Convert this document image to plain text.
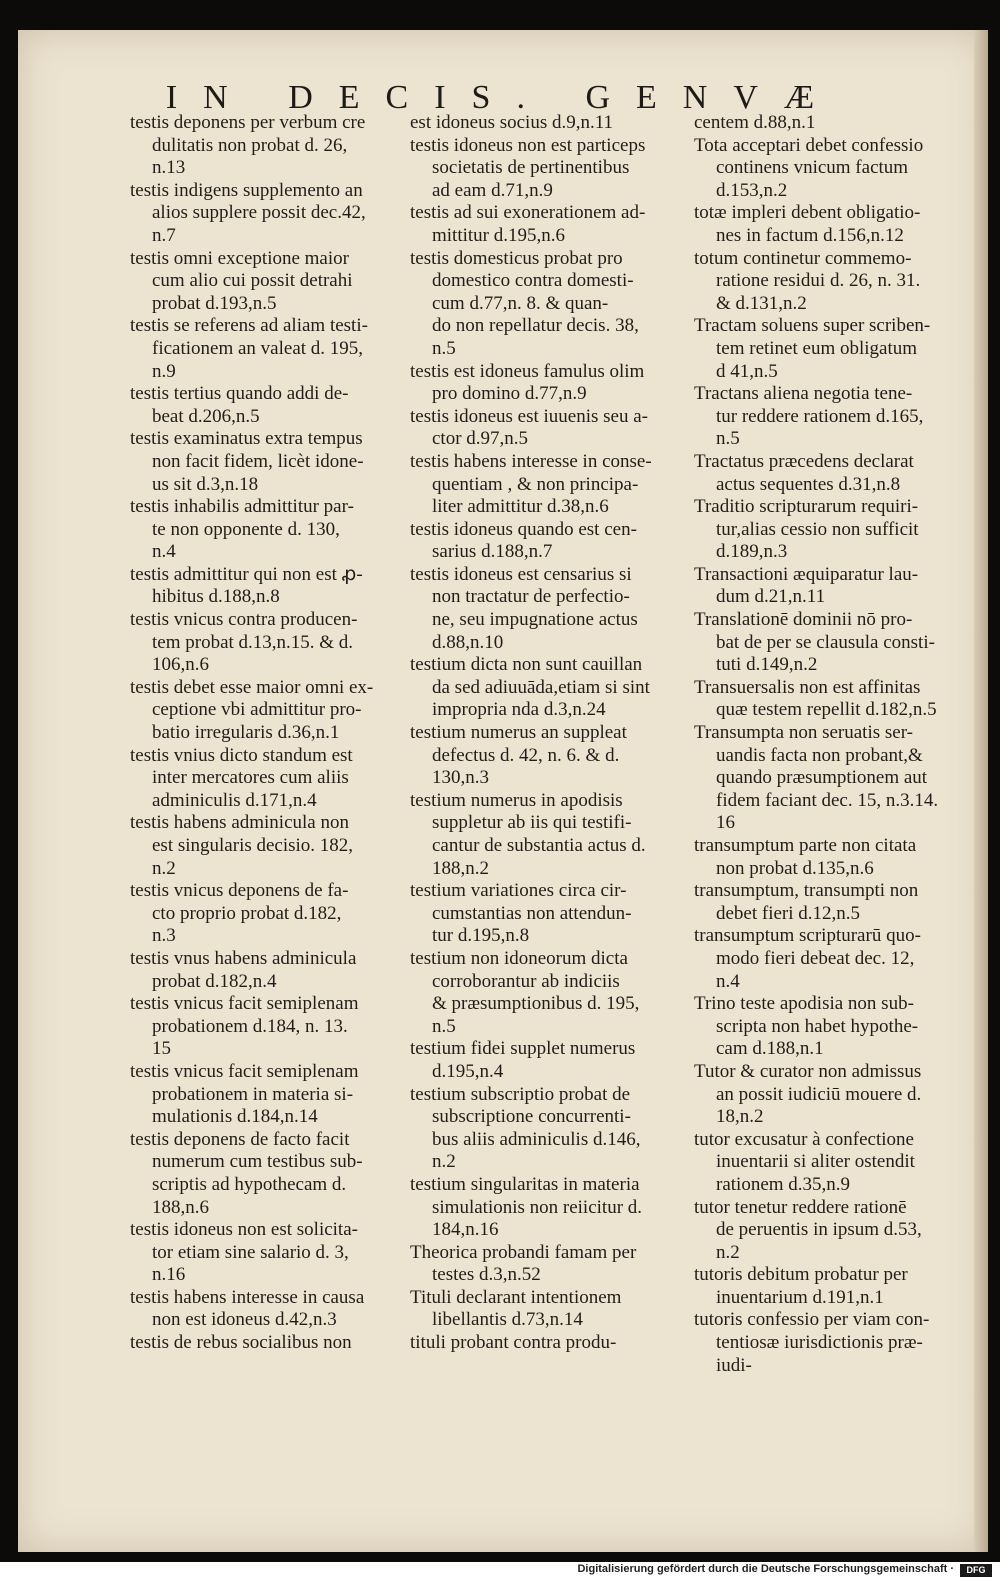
IN DECIS. GENVÆ
testis deponens per verbum cre
dulitatis non probat d. 26,
n.13
testis indigens supplemento an
alios supplere possit dec.42,
n.7
testis omni exceptione maior
cum alio cui possit detrahi
probat d.193,n.5
testis se referens ad aliam testi-
ficationem an valeat d. 195,
n.9
testis tertius quando addi de-
beat d.206,n.5
testis examinatus extra tempus
non facit fidem, licèt idone-
us sit d.3,n.18
testis inhabilis admittitur par-
te non opponente d. 130,
n.4
testis admittitur qui non est ꝓ-
hibitus d.188,n.8
testis vnicus contra producen-
tem probat d.13,n.15. & d.
106,n.6
testis debet esse maior omni ex-
ceptione vbi admittitur pro-
batio irregularis d.36,n.1
testis vnius dicto standum est
inter mercatores cum aliis
adminiculis d.171,n.4
testis habens adminicula non
est singularis decisio. 182,
n.2
testis vnicus deponens de fa-
cto proprio probat d.182,
n.3
testis vnus habens adminicula
probat d.182,n.4
testis vnicus facit semiplenam
probationem d.184, n. 13.
15
testis vnicus facit semiplenam
probationem in materia si-
mulationis d.184,n.14
testis deponens de facto facit
numerum cum testibus sub-
scriptis ad hypothecam d.
188,n.6
testis idoneus non est solicita-
tor etiam sine salario d. 3,
n.16
testis habens interesse in causa
non est idoneus d.42,n.3
testis de rebus socialibus non
est idoneus socius d.9,n.11
testis idoneus non est particeps
societatis de pertinentibus
ad eam d.71,n.9
testis ad sui exonerationem ad-
mittitur d.195,n.6
testis domesticus probat pro
domestico contra domesti-
cum d.77,n. 8. & quan-
do non repellatur decis. 38,
n.5
testis est idoneus famulus olim
pro domino d.77,n.9
testis idoneus est iuuenis seu a-
ctor d.97,n.5
testis habens interesse in conse-
quentiam , & non principa-
liter admittitur d.38,n.6
testis idoneus quando est cen-
sarius d.188,n.7
testis idoneus est censarius si
non tractatur de perfectio-
ne, seu impugnatione actus
d.88,n.10
testium dicta non sunt cauillan
da sed adiuuāda,etiam si sint
impropria nda d.3,n.24
testium numerus an suppleat
defectus d. 42, n. 6. & d.
130,n.3
testium numerus in apodisis
suppletur ab iis qui testifi-
cantur de substantia actus d.
188,n.2
testium variationes circa cir-
cumstantias non attendun-
tur d.195,n.8
testium non idoneorum dicta
corroborantur ab indiciis
& præsumptionibus d. 195,
n.5
testium fidei supplet numerus
d.195,n.4
testium subscriptio probat de
subscriptione concurrenti-
bus aliis adminiculis d.146,
n.2
testium singularitas in materia
simulationis non reiicitur d.
184,n.16
Theorica probandi famam per
testes d.3,n.52
Tituli declarant intentionem
libellantis d.73,n.14
tituli probant contra produ-
centem d.88,n.1
Tota acceptari debet confessio
continens vnicum factum
d.153,n.2
totæ impleri debent obligatio-
nes in factum d.156,n.12
totum continetur commemo-
ratione residui d. 26, n. 31.
& d.131,n.2
Tractam soluens super scriben-
tem retinet eum obligatum
d 41,n.5
Tractans aliena negotia tene-
tur reddere rationem d.165,
n.5
Tractatus præcedens declarat
actus sequentes d.31,n.8
Traditio scripturarum requiri-
tur,alias cessio non sufficit
d.189,n.3
Transactioni æquiparatur lau-
dum d.21,n.11
Translationē dominii nō pro-
bat de per se clausula consti-
tuti d.149,n.2
Transuersalis non est affinitas
quæ testem repellit d.182,n.5
Transumpta non seruatis ser-
uandis facta non probant,&
quando præsumptionem aut
fidem faciant dec. 15, n.3.14.
16
transumptum parte non citata
non probat d.135,n.6
transumptum, transumpti non
debet fieri d.12,n.5
transumptum scripturarū quo-
modo fieri debeat dec. 12,
n.4
Trino teste apodisia non sub-
scripta non habet hypothe-
cam d.188,n.1
Tutor & curator non admissus
an possit iudiciū mouere d.
18,n.2
tutor excusatur à confectione
inuentarii si aliter ostendit
rationem d.35,n.9
tutor tenetur reddere rationē
de peruentis in ipsum d.53,
n.2
tutoris debitum probatur per
inuentarium d.191,n.1
tutoris confessio per viam con-
tentiosæ iurisdictionis præ-
iudi-
Digitalisierung gefördert durch die Deutsche Forschungsgemeinschaft ·	DFG
